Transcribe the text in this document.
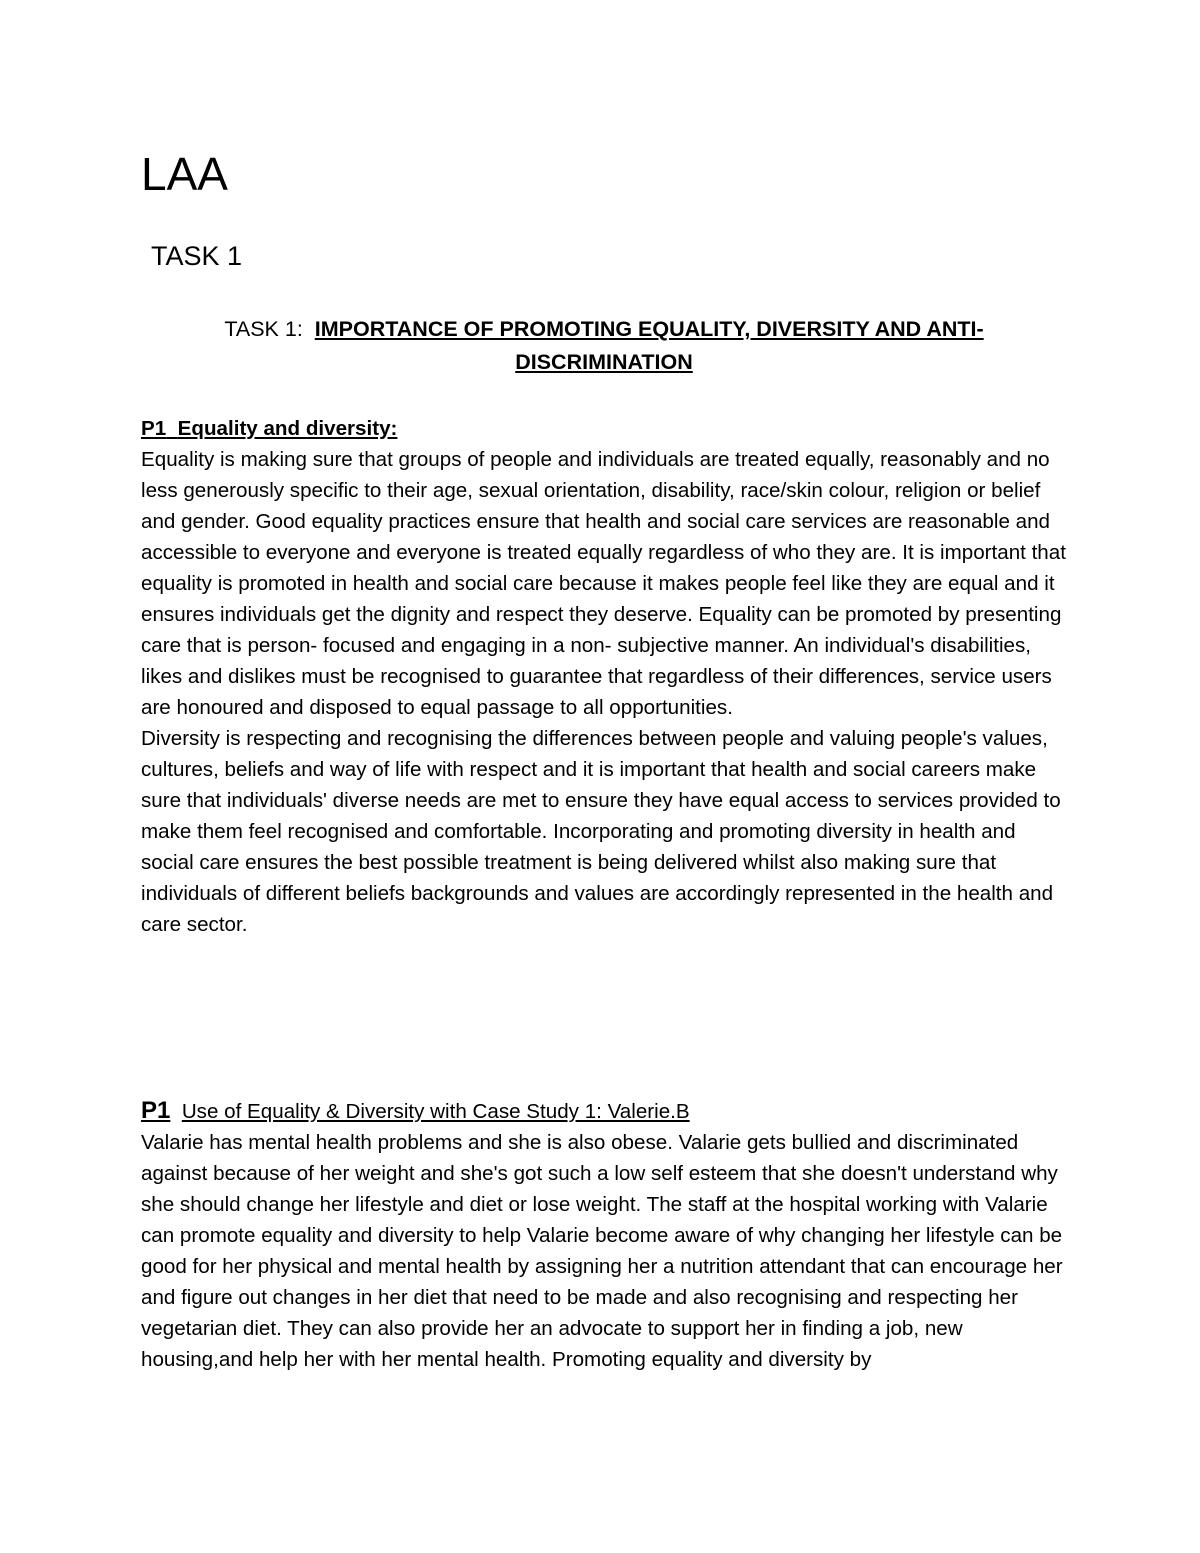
LAA
TASK 1
TASK 1: IMPORTANCE OF PROMOTING EQUALITY, DIVERSITY AND ANTI-DISCRIMINATION

P1 Equality and diversity:

Equality is making sure that groups of people and individuals are treated equally, reasonably and no less generously specific to their age, sexual orientation, disability, race/skin colour, religion or belief and gender. Good equality practices ensure that health and social care services are reasonable and accessible to everyone and everyone is treated equally regardless of who they are. It is important that equality is promoted in health and social care because it makes people feel like they are equal and it ensures individuals get the dignity and respect they deserve. Equality can be promoted by presenting care that is person- focused and engaging in a non- subjective manner. An individual's disabilities, likes and dislikes must be recognised to guarantee that regardless of their differences, service users are honoured and disposed to equal passage to all opportunities.

Diversity is respecting and recognising the differences between people and valuing people's values, cultures, beliefs and way of life with respect and it is important that health and social careers make sure that individuals' diverse needs are met to ensure they have equal access to services provided to make them feel recognised and comfortable. Incorporating and promoting diversity in health and social care ensures the best possible treatment is being delivered whilst also making sure that individuals of different beliefs backgrounds and values are accordingly represented in the health and care sector.

P1 Use of Equality & Diversity with Case Study 1: Valerie.B

Valarie has mental health problems and she is also obese. Valarie gets bullied and discriminated against because of her weight and she's got such a low self esteem that she doesn't understand why she should change her lifestyle and diet or lose weight. The staff at the hospital working with Valarie can promote equality and diversity to help Valarie become aware of why changing her lifestyle can be good for her physical and mental health by assigning her a nutrition attendant that can encourage her and figure out changes in her diet that need to be made and also recognising and respecting her vegetarian diet. They can also provide her an advocate to support her in finding a job, new housing,and help her with her mental health. Promoting equality and diversity by
